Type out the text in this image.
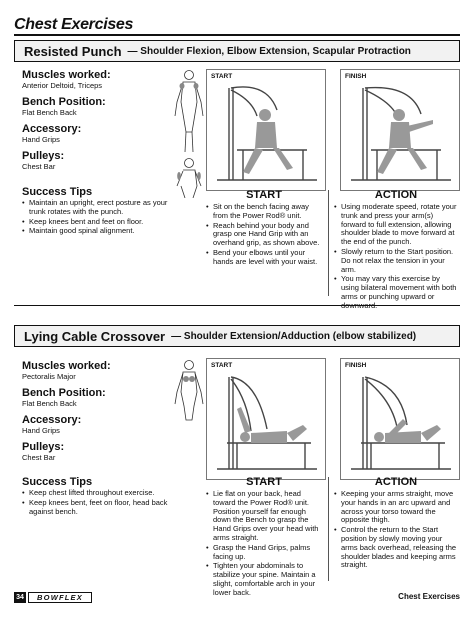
Chest Exercises
Resisted Punch — Shoulder Flexion, Elbow Extension, Scapular Protraction
Muscles worked:
Anterior Deltoid, Triceps
Bench Position:
Flat Bench Back
Accessory:
Hand Grips
Pulleys:
Chest Bar
START	FINISH
Success Tips
• Maintain an upright, erect posture as your trunk rotates with the punch.
• Keep knees bent and feet on floor.
• Maintain good spinal alignment.
START
• Sit on the bench facing away from the Power Rod® unit.
• Reach behind your body and grasp one Hand Grip with an overhand grip, as shown above.
• Bend your elbows until your hands are level with your waist.
ACTION
• Using moderate speed, rotate your trunk and press your arm(s) forward to full extension, allowing shoulder blade to move forward at the end of the punch.
• Slowly return to the Start position. Do not relax the tension in your arm.
• You may vary this exercise by using bilateral movement with both arms or punching upward or
Lying Cable Crossover — Shoulder Extension/Adduction (elbow stabilized)
Muscles worked:
Pectoralis Major
Bench Position:
Flat Bench Back
Accessory:
Hand Grips
Pulleys:
Chest Bar
START	FINISH
Success Tips
• Keep chest lifted throughout exercise.
• Keep knees bent, feet on floor, head back against bench.
START
• Lie flat on your back, head toward the Power Rod® unit. Position yourself far enough down the Bench to grasp the Hand Grips over your head with arms straight.
• Grasp the Hand Grips, palms facing up.
• Tighten your abdominals to stabilize your spine. Maintain a slight, comfortable arch in your lower back.
ACTION
• Keeping your arms straight, move your hands in an arc upward and across your torso toward the opposite thigh.
• Control the return to the Start position by slowly moving your arms back overhead, releasing the shoulder blades and keeping arms straight.
34	BOWFLEX	Chest Exercises
